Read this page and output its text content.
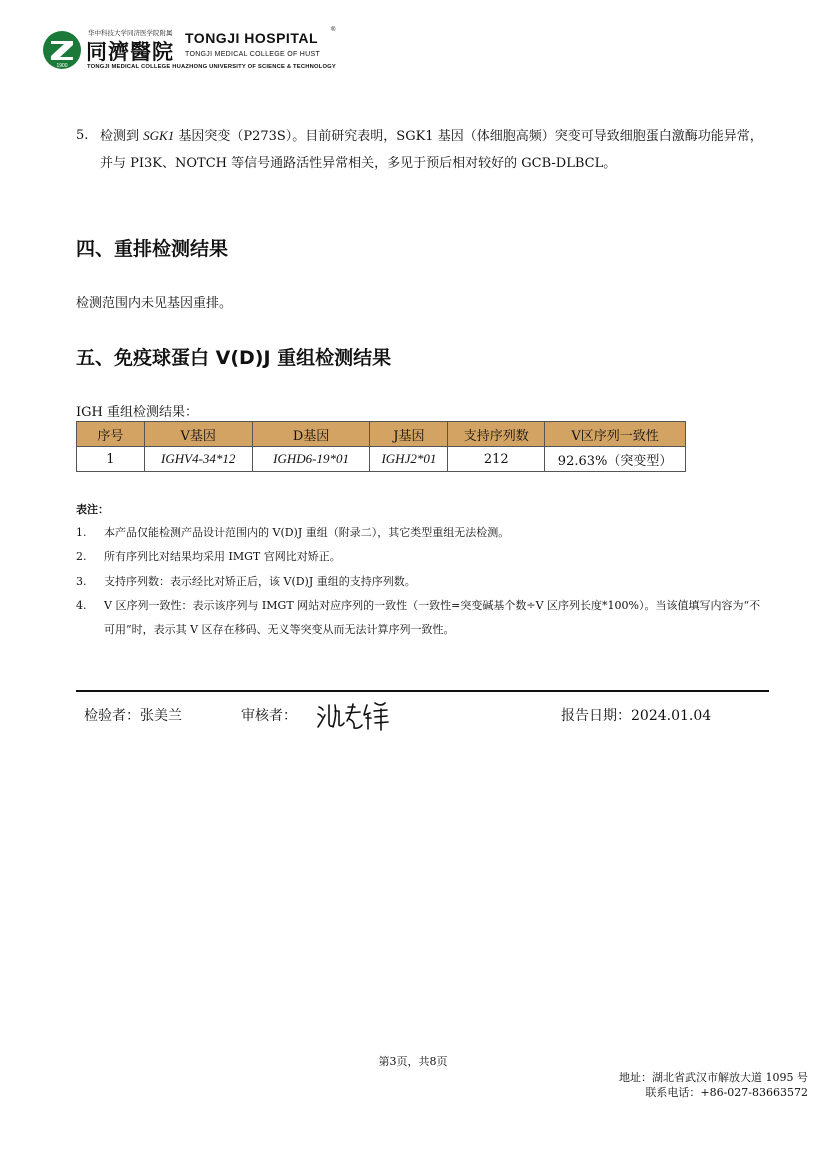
1900
华中科技大学同济医学院附属
同濟醫院
TONGJI HOSPITAL ®
TONGJI MEDICAL COLLEGE OF HUST
TONGJI MEDICAL COLLEGE HUAZHONG UNIVERSITY OF SCIENCE & TECHNOLOGY
5. 检测到 SGK1 基因突变（P273S）。目前研究表明，SGK1 基因（体细胞高频）突变可导致细胞蛋白激酶功能异常，并与 PI3K、NOTCH 等信号通路活性异常相关，多见于预后相对较好的 GCB-DLBCL。
四、重排检测结果
检测范围内未见基因重排。
五、免疫球蛋白 V(D)J 重组检测结果
IGH 重组检测结果：
序号	V基因	D基因	J基因	支持序列数	V区序列一致性
1	IGHV4-34*12	IGHD6-19*01	IGHJ2*01	212	92.63%（突变型）
表注：
1. 本产品仅能检测产品设计范围内的 V(D)J 重组（附录二），其它类型重组无法检测。
2. 所有序列比对结果均采用 IMGT 官网比对矫正。
3. 支持序列数：表示经比对矫正后，该 V(D)J 重组的支持序列数。
4. V 区序列一致性：表示该序列与 IMGT 网站对应序列的一致性（一致性=突变碱基个数÷V 区序列长度*100%）。当该值填写内容为“不可用”时，表示其 V 区存在移码、无义等突变从而无法计算序列一致性。
检验者：张美兰	审核者：	报告日期：2024.01.04
第3页，共8页
地址：湖北省武汉市解放大道 1095 号
联系电话：+86-027-83663572
